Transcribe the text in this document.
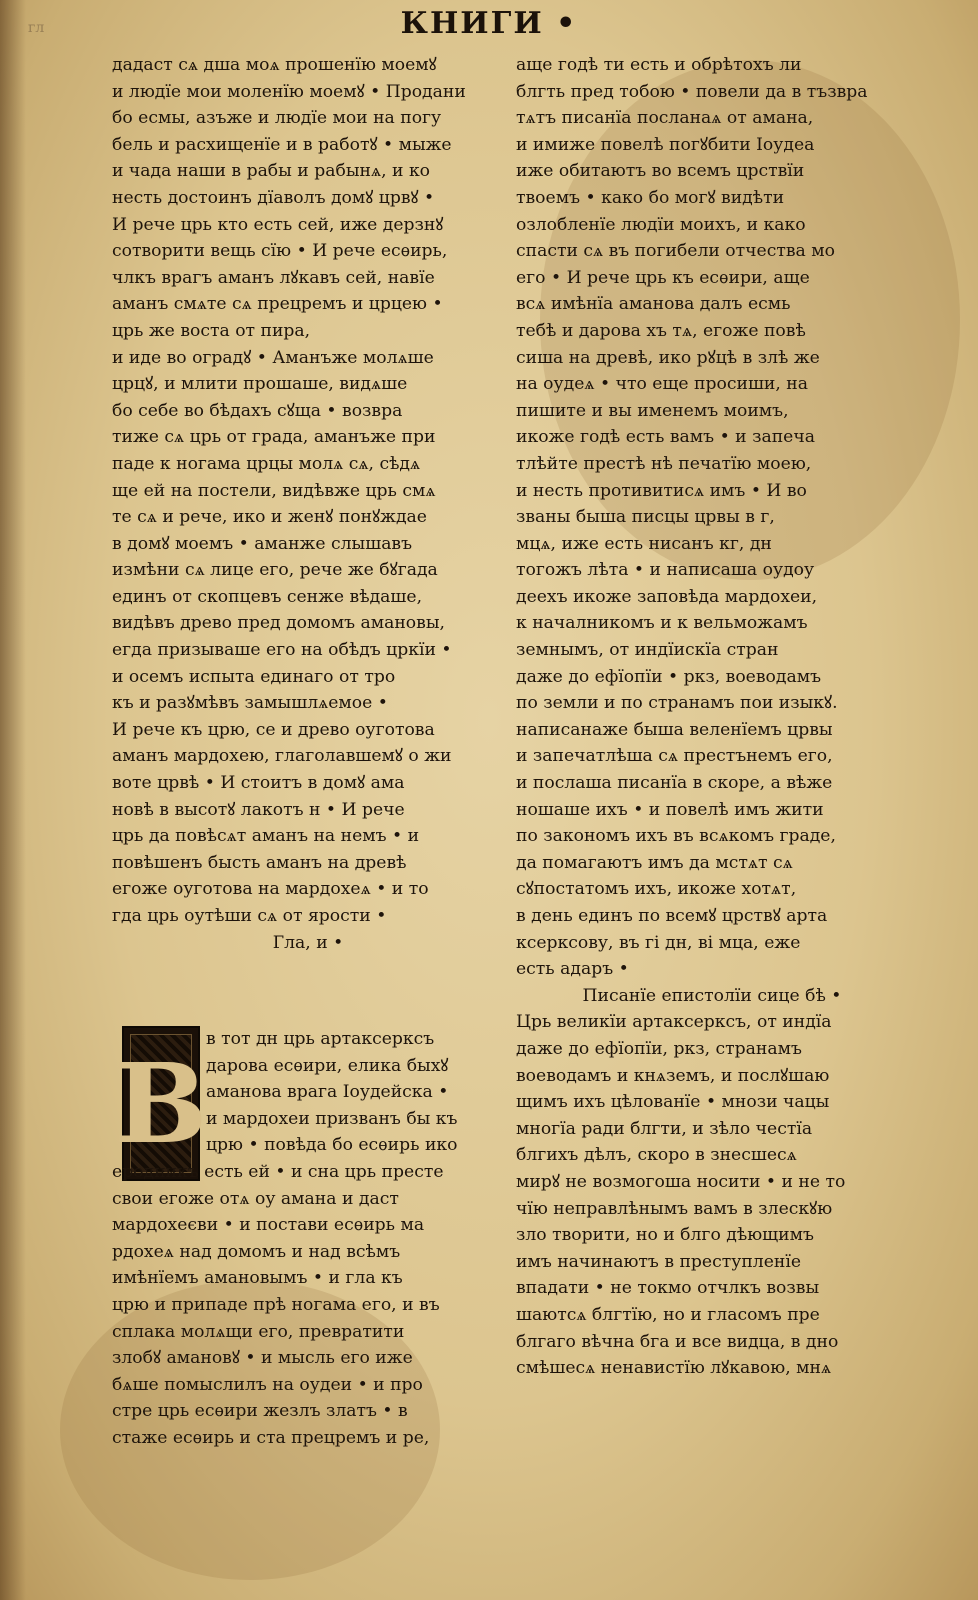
гл	КНИГИ •
дадаст сѧ дша моѧ прошенїю моемꙋ
и людїе мои моленїю моемꙋ • Продани
бо есмы, азъже и людїе мои на погу
бель и расхищенїе и в работꙋ • мыже
и чада наши в рабы и рабынѧ, и ко
несть достоинъ дїаволъ домꙋ црвꙋ •
И рече црь кто есть сей, иже дерзнꙋ
сотворити вещь сїю • И рече есѳирь,
члкъ врагъ аманъ лꙋкавъ сей, навїе
аманъ смѧте сѧ прецремъ и црцею •
црь же воста от пира,
и иде во оградꙋ • Аманъже молѧше
црцꙋ, и млити прошаше, видѧше
бо себе во бѣдахъ сꙋща • возвра
тиже сѧ црь от града, аманъже при
паде к ногама црцы молѧ сѧ, сѣдѧ
ще ей на постели, видѣвже црь смѧ
те сѧ и рече, ико и женꙋ понꙋждае
в домꙋ моемъ • аманже слышавъ
измѣни сѧ лице его, рече же бꙋгада
единъ от скопцевъ сенже вѣдаше,
видѣвъ древо пред домомъ амановы,
егда призываше его на обѣдъ цркїи •
и осемъ испыта единаго от тро
къ и разꙋмѣвъ замышлѧемое •
И рече къ црю, се и древо оуготова
аманъ мардохею, глаголавшемꙋ о жи
воте црвѣ • И стоитъ в домꙋ ама
новѣ в высотꙋ лакотъ н • И рече
црь да повѣсѧт аманъ на немъ • и
повѣшенъ бысть аманъ на древѣ
егоже оуготова на мардохеѧ • и то
гда црь оутѣши сѧ от ярости •
Гла, и •
В
в тот дн црь артаксерксъ
дарова есѳири, елика быхꙋ
аманова врага Іоудейска •
и мардохеи призванъ бы къ
црю • повѣда бо есѳирь ико
еродникъ есть ей • и сна црь престе
свои егоже отѧ оу амана и даст
мардохеєви • и постави есѳирь ма
рдохеѧ над домомъ и над всѣмъ
имѣнїемъ амановымъ • и гла къ
црю и припаде прѣ ногама его, и въ
сплака молѧщи его, превратити
злобꙋ амановꙋ • и мысль его иже
бѧше помыслилъ на оудеи • и про
стре црь есѳири жезлъ златъ • в
стаже есѳирь и ста прецремъ и ре,
аще годѣ ти есть и обрѣтохъ ли
блгть пред тобою • повели да в тъзвра
тѧтъ писанїа посланаѧ от амана,
и имиже повелѣ погꙋбити Іоудеа
иже обитаютъ во всемъ црствїи
твоемъ • како бо могꙋ видѣти
озлобленїе людїи моихъ, и како
спасти сѧ въ погибели отчества мо
его • И рече црь къ есѳири, аще
всѧ имѣнїа аманова далъ есмь
тебѣ и дарова хъ тѧ, егоже повѣ
сиша на древѣ, ико рꙋцѣ в злѣ же
на оудеѧ • что еще просиши, на
пишите и вы именемъ моимъ,
икоже годѣ есть вамъ • и запеча
тлѣйте престѣ нѣ печатїю моею,
и несть противитисѧ имъ • И во
званы быша писцы црвы в г,
мцѧ, иже есть нисанъ кг, дн
тогожъ лѣта • и написаша оудоу
деехъ икоже заповѣда мардохеи,
к началникомъ и к вельможамъ
земнымъ, от индїискїа стран
даже до ефїопїи • ркз, воеводамъ
по земли и по странамъ пои изыкꙋ.
написанаже быша веленїемъ црвы
и запечатлѣша сѧ престънемъ его,
и послаша писанїа в скоре, а вѣже
ношаше ихъ • и повелѣ имъ жити
по закономъ ихъ въ всѧкомъ граде,
да помагаютъ имъ да мстѧт сѧ
сꙋпостатомъ ихъ, икоже хотѧт,
в день единъ по всемꙋ црствꙋ арта
ксерксову, въ гі дн, ві мца, еже
есть адаръ •
Писанїе епистолїи сице бѣ •
Црь великїи артаксерксъ, от индїа
даже до ефїопїи, ркз, странамъ
воеводамъ и кнѧземъ, и послꙋшаю
щимъ ихъ цѣлованїе • мнози чацы
многїа ради блгти, и зѣло честїа
блгихъ дѣлъ, скоро в знесшесѧ
мирꙋ не возмогоша носити • и не то
чїю неправлѣнымъ вамъ в злескꙋю
зло творити, но и блго дѣющимъ
имъ начинаютъ в преступленїе
впадати • не токмо отчлкъ возвы
шаютсѧ блгтїю, но и гласомъ пре
блгаго вѣчна бга и все видца, в дно
смѣшесѧ ненавистїю лꙋкавою, мнѧ
